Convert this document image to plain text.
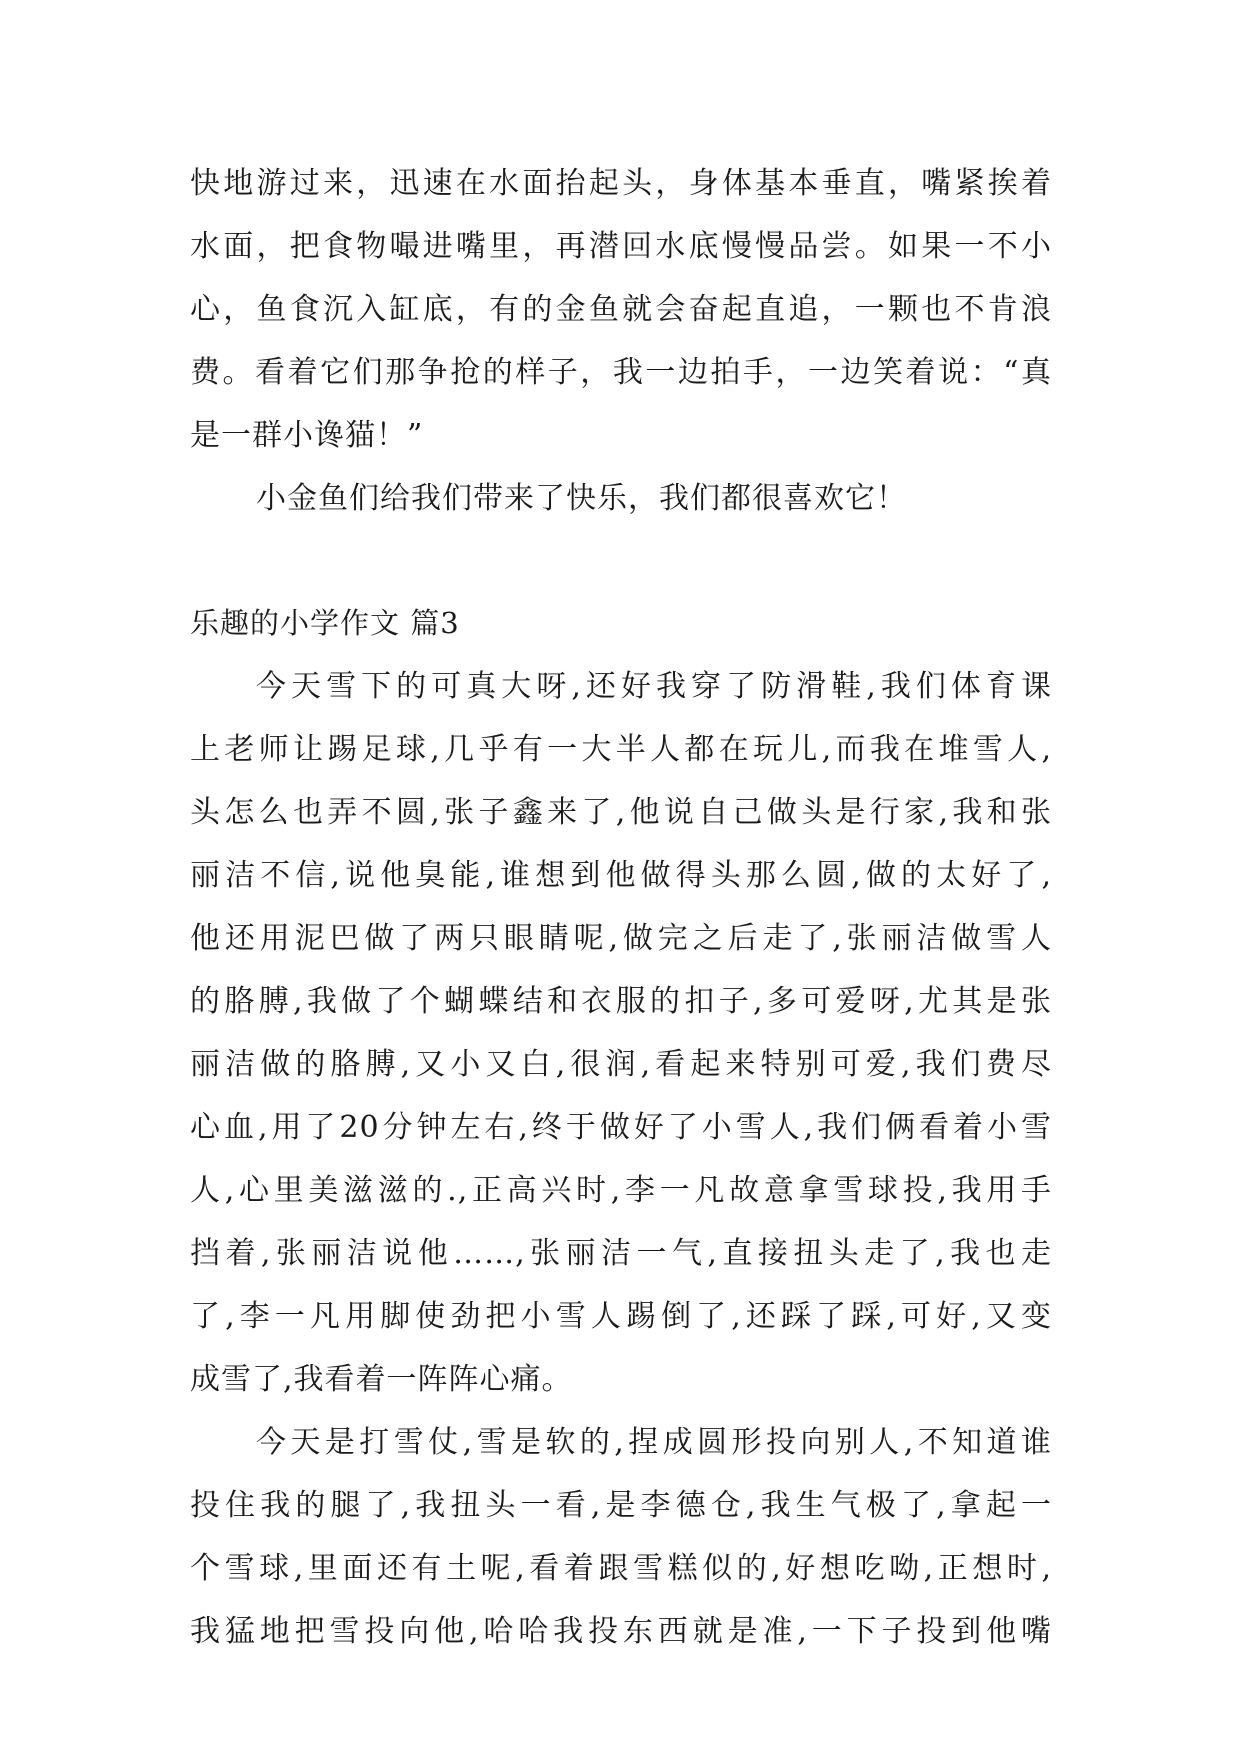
快地游过来，迅速在水面抬起头，身体基本垂直，嘴紧挨着
水面，把食物嘬进嘴里，再潜回水底慢慢品尝。如果一不小
心，鱼食沉入缸底，有的金鱼就会奋起直追，一颗也不肯浪
费。看着它们那争抢的样子，我一边拍手，一边笑着说：“真
是一群小谗猫！”
小金鱼们给我们带来了快乐，我们都很喜欢它！
乐趣的小学作文 篇3
今天雪下的可真大呀,还好我穿了防滑鞋,我们体育课
上老师让踢足球,几乎有一大半人都在玩儿,而我在堆雪人,
头怎么也弄不圆,张子鑫来了,他说自己做头是行家,我和张
丽洁不信,说他臭能,谁想到他做得头那么圆,做的太好了,
他还用泥巴做了两只眼睛呢,做完之后走了,张丽洁做雪人
的胳膊,我做了个蝴蝶结和衣服的扣子,多可爱呀,尤其是张
丽洁做的胳膊,又小又白,很润,看起来特别可爱,我们费尽
心血,用了20分钟左右,终于做好了小雪人,我们俩看着小雪
人,心里美滋滋的.,正高兴时,李一凡故意拿雪球投,我用手
挡着,张丽洁说他……,张丽洁一气,直接扭头走了,我也走
了,李一凡用脚使劲把小雪人踢倒了,还踩了踩,可好,又变
成雪了,我看着一阵阵心痛。
今天是打雪仗,雪是软的,捏成圆形投向别人,不知道谁
投住我的腿了,我扭头一看,是李德仓,我生气极了,拿起一
个雪球,里面还有土呢,看着跟雪糕似的,好想吃呦,正想时,
我猛地把雪投向他,哈哈我投东西就是准,一下子投到他嘴
